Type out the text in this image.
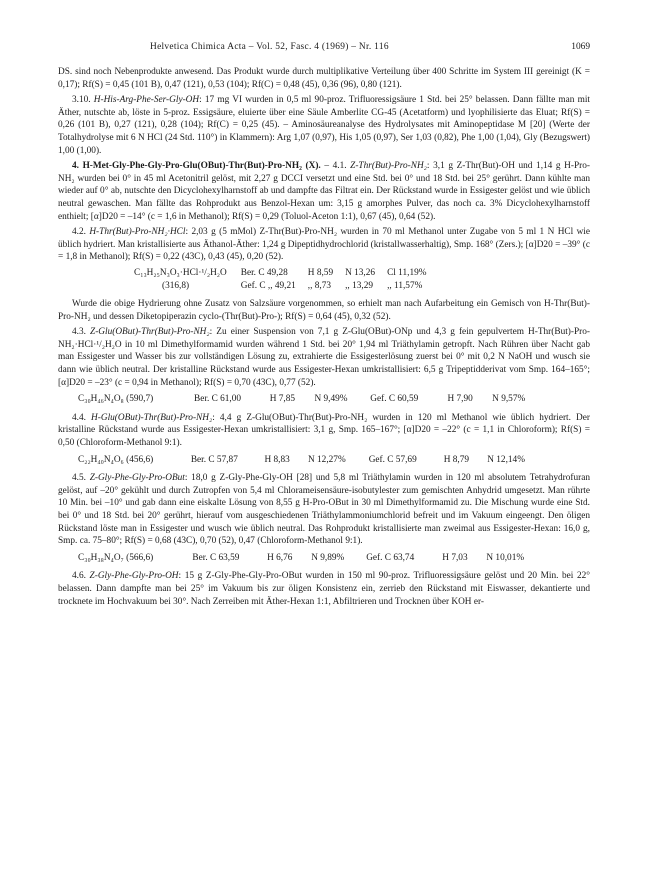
Helvetica Chimica Acta – Vol. 52, Fasc. 4 (1969) – Nr. 116	1069

DS. sind noch Nebenprodukte anwesend. Das Produkt wurde durch multiplikative Verteilung über 400 Schritte im System III gereinigt (K = 0,17); Rf(S) = 0,45 (101 B), 0,47 (121), 0,53 (104); Rf(C) = 0,48 (45), 0,36 (96), 0,80 (121).

3.10. H-His-Arg-Phe-Ser-Gly-OH: 17 mg VI wurden in 0,5 ml 90-proz. Trifluoressigsäure 1 Std. bei 25° belassen. Dann fällte man mit Äther, nutschte ab, löste in 5-proz. Essigsäure, eluierte über eine Säule Amberlite CG-45 (Acetatform) und lyophilisierte das Eluat; Rf(S) = 0,26 (101 B), 0,27 (121), 0,28 (104); Rf(C) = 0,25 (45). – Aminosäureanalyse des Hydrolysates mit Aminopeptidase M [20] (Werte der Totalhydrolyse mit 6 N HCl (24 Std. 110°) in Klammern): Arg 1,07 (0,97), His 1,05 (0,97), Ser 1,03 (0,82), Phe 1,00 (1,04), Gly (Bezugswert) 1,00 (1,00).

4. H-Met-Gly-Phe-Gly-Pro-Glu(OBut)-Thr(But)-Pro-NH₂ (X). – 4.1. Z-Thr(But)-Pro-NH₂: 3,1 g Z-Thr(But)-OH und 1,14 g H-Pro-NH₂ wurden bei 0° in 45 ml Acetonitril gelöst, mit 2,27 g DCCI versetzt und eine Std. bei 0° und 18 Std. bei 25° gerührt. Dann kühlte man wieder auf 0° ab, nutschte den Dicyclohexylharnstoff ab und dampfte das Filtrat ein. Der Rückstand wurde in Essigester gelöst und wie üblich neutral gewaschen. Man fällte das Rohprodukt aus Benzol-Hexan um: 3,15 g amorphes Pulver, das noch ca. 3% Dicyclohexylharnstoff enthielt; [α]D20 = –14° (c = 1,6 in Methanol); Rf(S) = 0,29 (Toluol-Aceton 1:1), 0,67 (45), 0,64 (52).

4.2. H-Thr(But)-Pro-NH₂·HCl: 2,03 g (5 mMol) Z-Thr(But)-Pro-NH₂ wurden in 70 ml Methanol unter Zugabe von 5 ml 1 N HCl wie üblich hydriert. Man kristallisierte aus Äthanol-Äther: 1,24 g Dipeptidhydrochlorid (kristallwasserhaltig), Smp. 168° (Zers.); [α]D20 = –39° (c = 1,8 in Methanol); Rf(S) = 0,22 (43C), 0,43 (45), 0,20 (52).

C₁₃H₂₅N₃O₃·HCl·¹/₂H₂O	Ber. C 49,28	H 8,59	N 13,26	Cl 11,19%
(316,8)	Gef. C ,, 49,21	,, 8,73	,, 13,29	,, 11,57%

Wurde die obige Hydrierung ohne Zusatz von Salzsäure vorgenommen, so erhielt man nach Aufarbeitung ein Gemisch von H-Thr(But)-Pro-NH₂ und dessen Diketopiperazin cyclo-(Thr(But)-Pro-); Rf(S) = 0,64 (45), 0,32 (52).

4.3. Z-Glu(OBut)-Thr(But)-Pro-NH₂: Zu einer Suspension von 7,1 g Z-Glu(OBut)-ONp und 4,3 g fein gepulvertem H-Thr(But)-Pro-NH₂·HCl·¹/₂H₂O in 10 ml Dimethylformamid wurden während 1 Std. bei 20° 1,94 ml Triäthylamin getropft. Nach Rühren über Nacht gab man Essigester und Wasser bis zur vollständigen Lösung zu, extrahierte die Essigesterlösung zuerst bei 0° mit 0,2 N NaOH und wusch sie dann wie üblich neutral. Der kristalline Rückstand wurde aus Essigester-Hexan umkristallisiert: 6,5 g Tripeptidderivat vom Smp. 164–165°; [α]D20 = –23° (c = 0,94 in Methanol); Rf(S) = 0,70 (43C), 0,77 (52).

C₃₀H₄₆N₄O₈ (590,7)	Ber. C 61,00	H 7,85	N 9,49%	Gef. C 60,59	H 7,90	N 9,57%

4.4. H-Glu(OBut)-Thr(But)-Pro-NH₂: 4,4 g Z-Glu(OBut)-Thr(But)-Pro-NH₂ wurden in 120 ml Methanol wie üblich hydriert. Der kristalline Rückstand wurde aus Essigester-Hexan umkristallisiert: 3,1 g, Smp. 165–167°; [α]D20 = –22° (c = 1,1 in Chloroform); Rf(S) = 0,50 (Chloroform-Methanol 9:1).

C₂₂H₄₀N₄O₆ (456,6)	Ber. C 57,87	H 8,83	N 12,27%	Gef. C 57,69	H 8,79	N 12,14%

4.5. Z-Gly-Phe-Gly-Pro-OBut: 18,0 g Z-Gly-Phe-Gly-OH [28] und 5,8 ml Triäthylamin wurden in 120 ml absolutem Tetrahydrofuran gelöst, auf –20° gekühlt und durch Zutropfen von 5,4 ml Chlorameisensäure-isobutylester zum gemischten Anhydrid umgesetzt. Man rührte 10 Min. bei –10° und gab dann eine eiskalte Lösung von 8,55 g H-Pro-OBut in 30 ml Dimethylformamid zu. Die Mischung wurde eine Std. bei 0° und 18 Std. bei 20° gerührt, hierauf vom ausgeschiedenen Triäthylammoniumchlorid befreit und im Vakuum eingeengt. Den öligen Rückstand löste man in Essigester und wusch wie üblich neutral. Das Rohprodukt kristallisierte man zweimal aus Essigester-Hexan: 16,0 g, Smp. ca. 75–80°; Rf(S) = 0,68 (43C), 0,70 (52), 0,47 (Chloroform-Methanol 9:1).

C₃₀H₃₈N₄O₇ (566,6)	Ber. C 63,59	H 6,76	N 9,89%	Gef. C 63,74	H 7,03	N 10,01%

4.6. Z-Gly-Phe-Gly-Pro-OH: 15 g Z-Gly-Phe-Gly-Pro-OBut wurden in 150 ml 90-proz. Trifluoressigsäure gelöst und 20 Min. bei 22° belassen. Dann dampfte man bei 25° im Vakuum bis zur öligen Konsistenz ein, zerrieb den Rückstand mit Eiswasser, dekantierte und trocknete im Hochvakuum bei 30°. Nach Zerreiben mit Äther-Hexan 1:1, Abfiltrieren und Trocknen über KOH er-
